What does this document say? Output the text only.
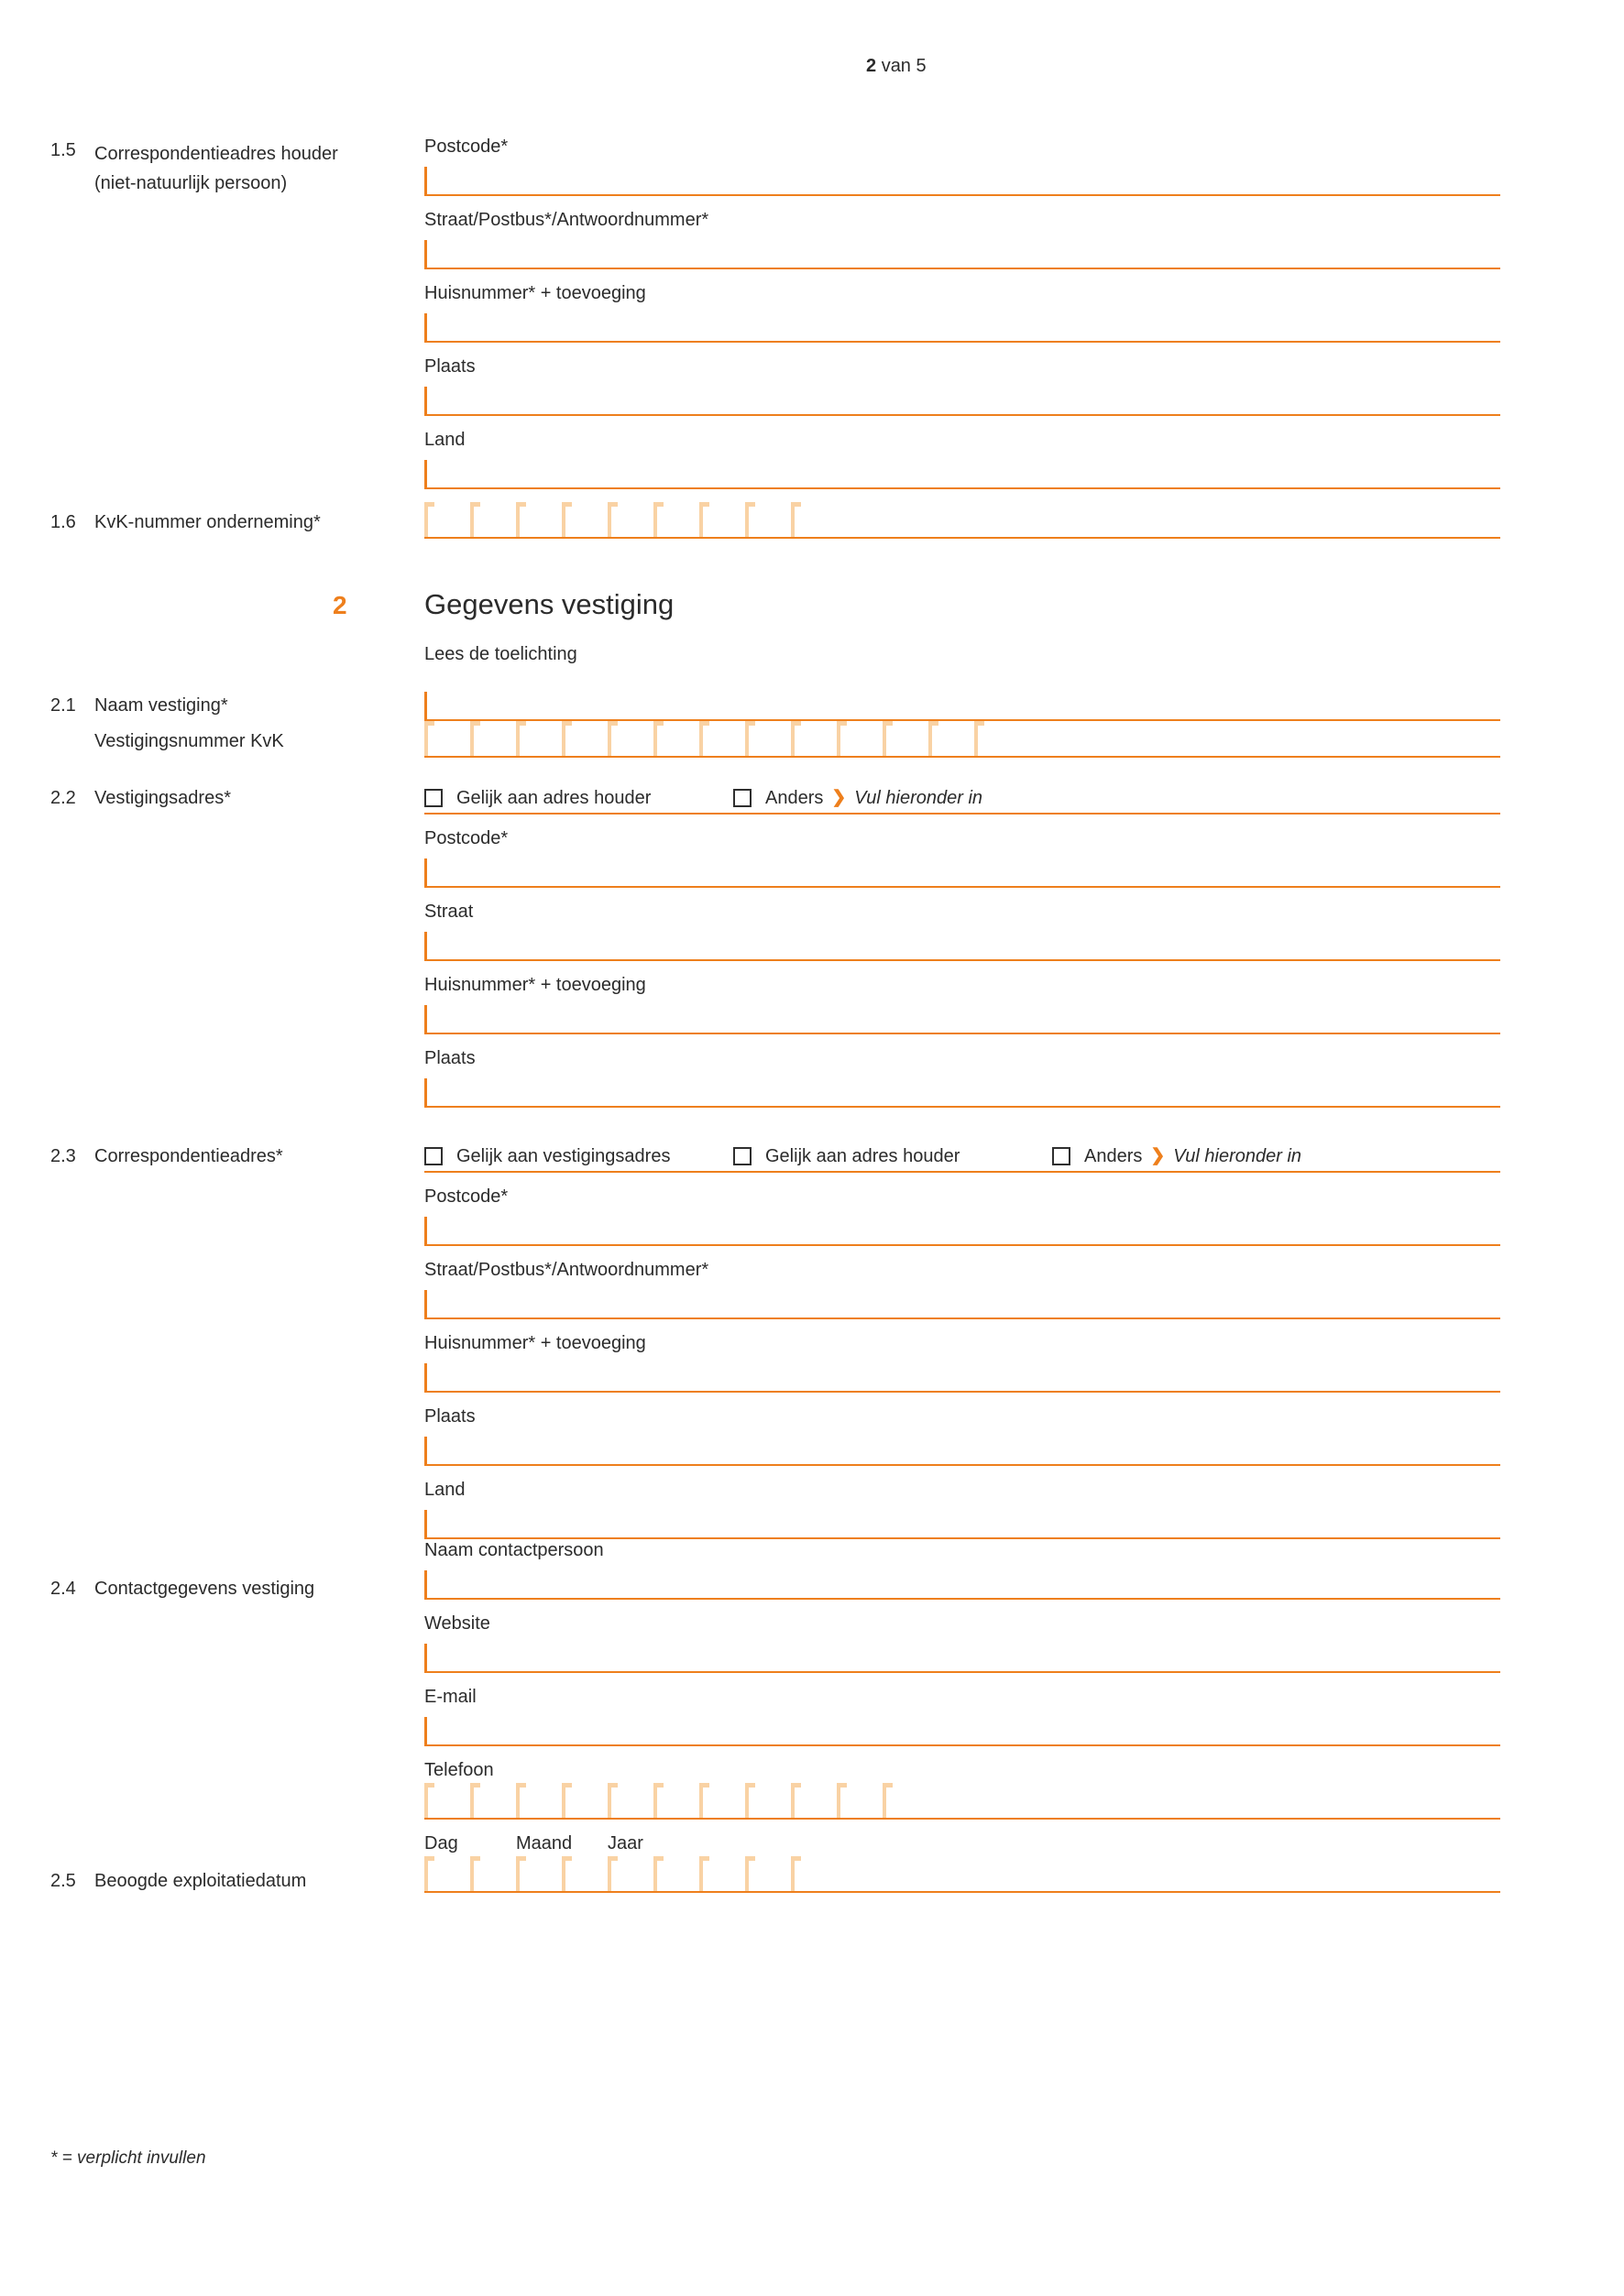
2 van 5
1.5	Correspondentieadres houder
(niet-natuurlijk persoon)
Postcode*
Straat/Postbus*/Antwoordnummer*
Huisnummer* + toevoeging
Plaats
Land
1.6	KvK-nummer onderneming*
2	Gegevens vestiging
Lees de toelichting
2.1	Naam vestiging*
Vestigingsnummer KvK
2.2	Vestigingsadres*	Gelijk aan adres houder	Anders ❯ Vul hieronder in
Postcode*
Straat
Huisnummer* + toevoeging
Plaats
2.3	Correspondentieadres*	Gelijk aan vestigingsadres	Gelijk aan adres houder	Anders ❯ Vul hieronder in
Postcode*
Straat/Postbus*/Antwoordnummer*
Huisnummer* + toevoeging
Plaats
Land
2.4	Contactgegevens vestiging
Naam contactpersoon
Website
E-mail
Telefoon
2.5	Beoogde exploitatiedatum
Dag	Maand Jaar
* = verplicht invullen
